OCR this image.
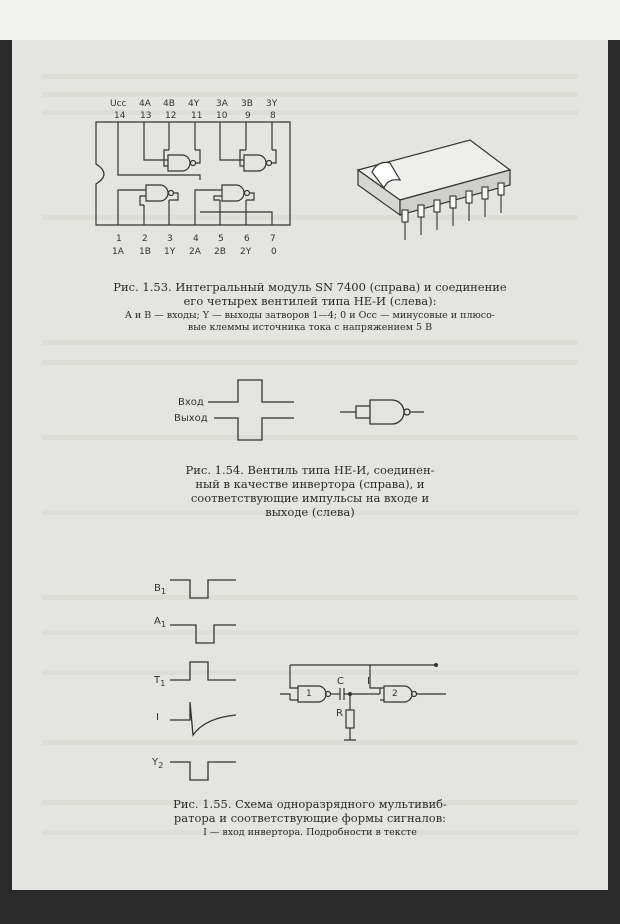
Ucc 4A 4B 4Y 3A 3B 3Y
14 13 12 11 10 9 8
1 2 3 4 5 6 7
1A 1B 1Y 2A 2B 2Y 0
Рис. 1.53. Интегральный модуль SN 7400 (справа) и соединение
его четырех вентилей типа НЕ-И (слева):
A и B — входы; Y — выходы затворов 1—4; 0 и Occ — минусовые и плюсо-
вые клеммы источника тока с напряжением 5 В
Вход
Выход
Рис. 1.54. Вентиль типа НЕ-И, соединен-
ный в качестве инвертора (справа), и
соответствующие импульсы на входе и
выходе (слева)
$B_1$
$A_1$
$T_1$
I
$Y_2$
1	2
C I
R
Рис. 1.55. Схема одноразрядного мультивиб-
ратора и соответствующие формы сигналов:
I — вход инвертора. Подробности в тексте
